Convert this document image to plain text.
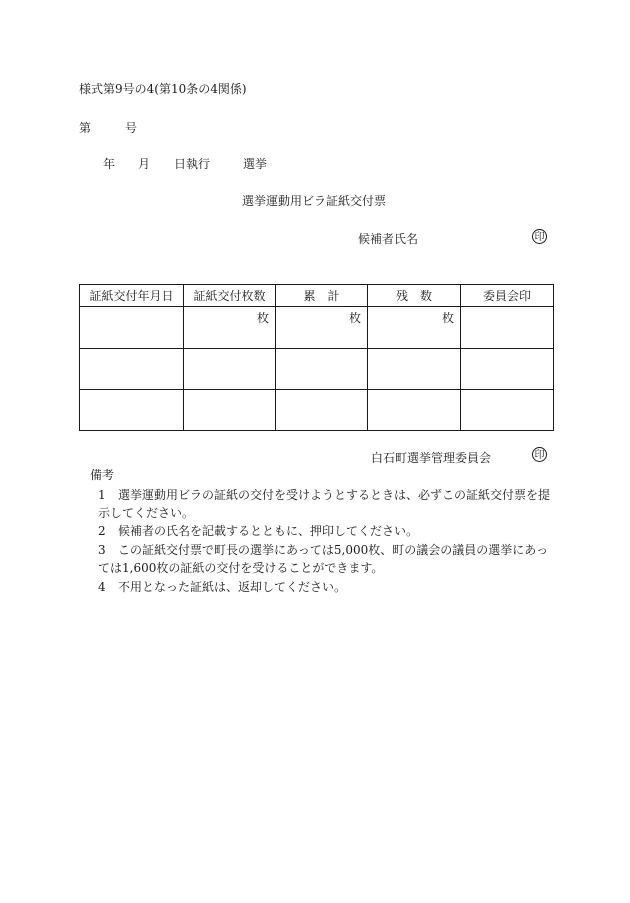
様式第9号の4(第10条の4関係)
第	号
年 月 日執行	選挙
選挙運動用ビラ証紙交付票
候補者氏名	印
証紙交付年月日	証紙交付枚数	累　計	残　数	委員会印
	枚	枚	枚	

白石町選挙管理委員会	印
備考
1 選挙運動用ビラの証紙の交付を受けようとするときは、必ずこの証紙交付票を提示してください。
2 候補者の氏名を記載するとともに、押印してください。
3 この証紙交付票で町長の選挙にあっては5,000枚、町の議会の議員の選挙にあっては1,600枚の証紙の交付を受けることができます。
4 不用となった証紙は、返却してください。
